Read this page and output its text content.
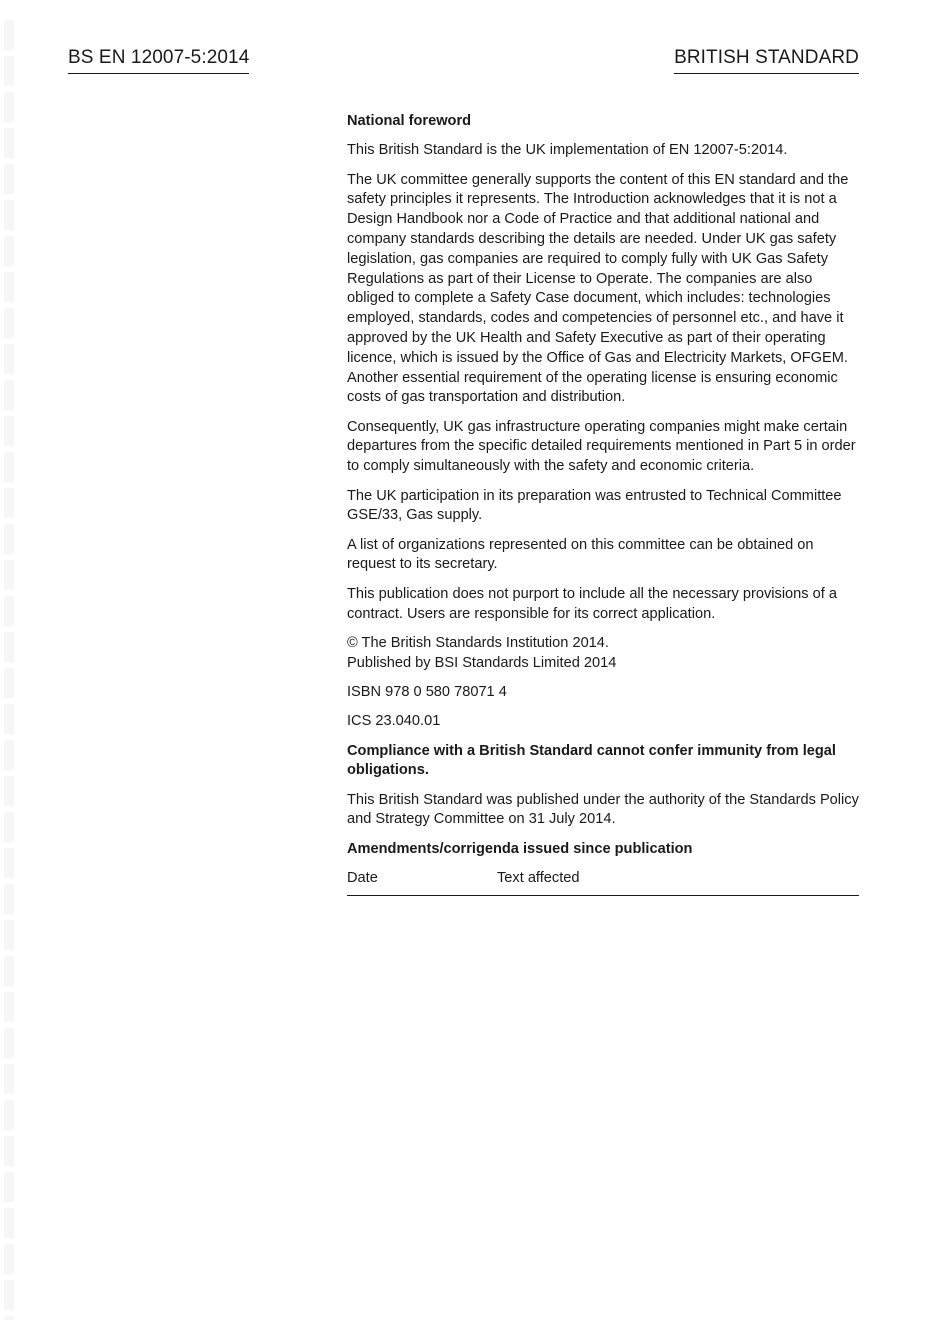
BS EN 12007-5:2014	BRITISH STANDARD

National foreword

This British Standard is the UK implementation of EN 12007-5:2014.

The UK committee generally supports the content of this EN standard and the safety principles it represents. The Introduction acknowledges that it is not a Design Handbook nor a Code of Practice and that additional national and company standards describing the details are needed. Under UK gas safety legislation, gas companies are required to comply fully with UK Gas Safety Regulations as part of their License to Operate. The companies are also obliged to complete a Safety Case document, which includes: technologies employed, standards, codes and competencies of personnel etc., and have it approved by the UK Health and Safety Executive as part of their operating licence, which is issued by the Office of Gas and Electricity Markets, OFGEM. Another essential requirement of the operating license is ensuring economic costs of gas transportation and distribution.

Consequently, UK gas infrastructure operating companies might make certain departures from the specific detailed requirements mentioned in Part 5 in order to comply simultaneously with the safety and economic criteria.

The UK participation in its preparation was entrusted to Technical Committee GSE/33, Gas supply.

A list of organizations represented on this committee can be obtained on request to its secretary.

This publication does not purport to include all the necessary provisions of a contract. Users are responsible for its correct application.

© The British Standards Institution 2014.
Published by BSI Standards Limited 2014

ISBN 978 0 580 78071 4

ICS 23.040.01

Compliance with a British Standard cannot confer immunity from legal obligations.

This British Standard was published under the authority of the Standards Policy and Strategy Committee on 31 July 2014.

Amendments/corrigenda issued since publication

Date	Text affected
